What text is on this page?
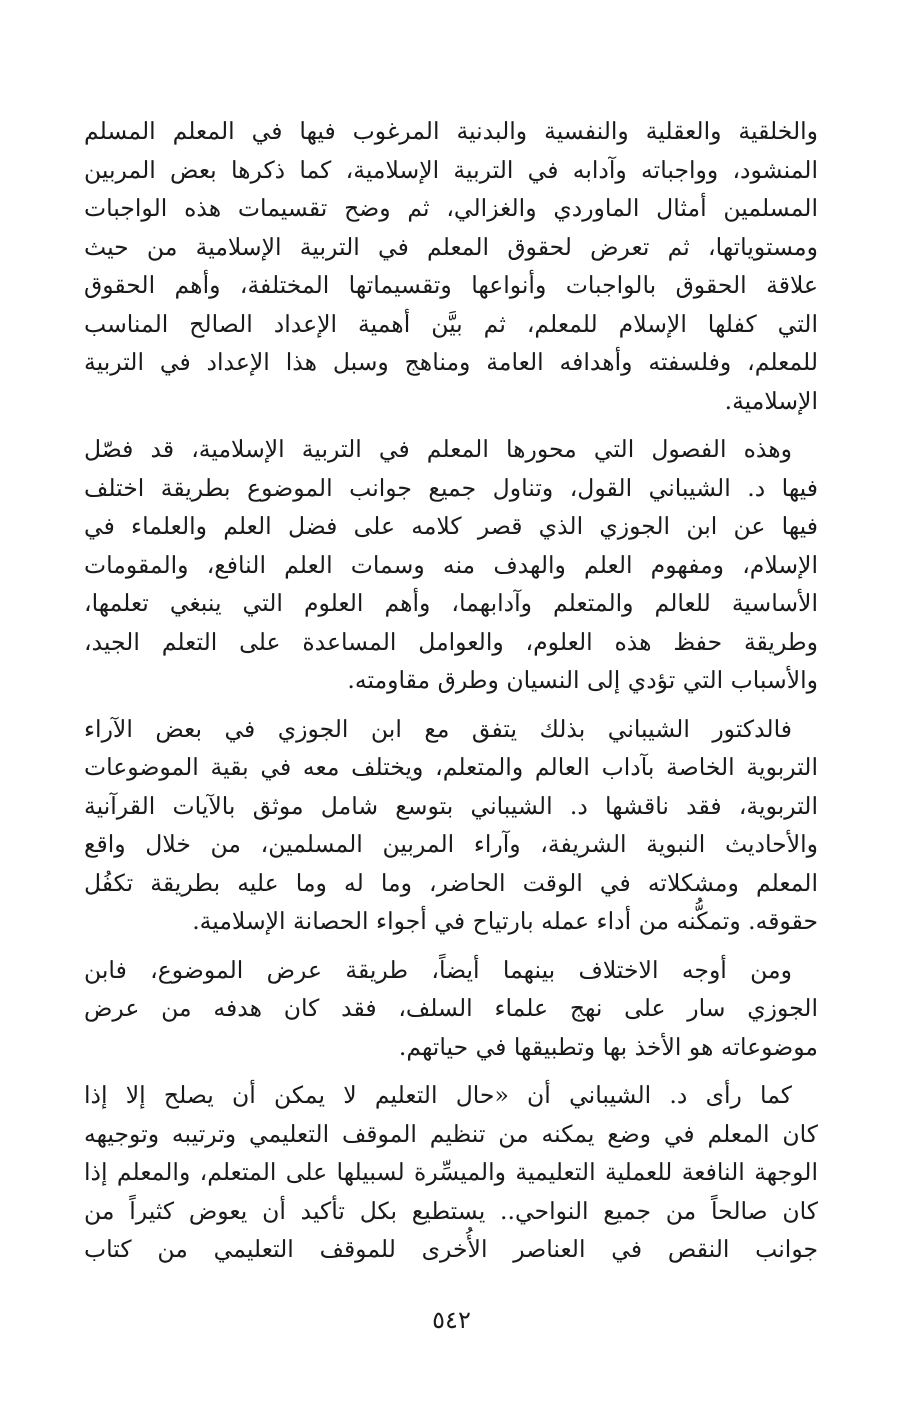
والخلقية والعقلية والنفسية والبدنية المرغوب فيها في المعلم المسلم
المنشود، وواجباته وآدابه في التربية الإسلامية، كما ذكرها بعض المربين
المسلمين أمثال الماوردي والغزالي، ثم وضح تقسيمات هذه الواجبات
ومستوياتها، ثم تعرض لحقوق المعلم في التربية الإسلامية من حيث
علاقة الحقوق بالواجبات وأنواعها وتقسيماتها المختلفة، وأهم الحقوق
التي كفلها الإسلام للمعلم، ثم بيَّن أهمية الإعداد الصالح المناسب
للمعلم، وفلسفته وأهدافه العامة ومناهج وسبل هذا الإعداد في التربية
الإسلامية.
وهذه الفصول التي محورها المعلم في التربية الإسلامية، قد فصّل
فيها د. الشيباني القول، وتناول جميع جوانب الموضوع بطريقة اختلف
فيها عن ابن الجوزي الذي قصر كلامه على فضل العلم والعلماء في
الإسلام، ومفهوم العلم والهدف منه وسمات العلم النافع، والمقومات
الأساسية للعالم والمتعلم وآدابهما، وأهم العلوم التي ينبغي تعلمها،
وطريقة حفظ هذه العلوم، والعوامل المساعدة على التعلم الجيد،
والأسباب التي تؤدي إلى النسيان وطرق مقاومته.
فالدكتور الشيباني بذلك يتفق مع ابن الجوزي في بعض الآراء
التربوية الخاصة بآداب العالم والمتعلم، ويختلف معه في بقية الموضوعات
التربوية، فقد ناقشها د. الشيباني بتوسع شامل موثق بالآيات القرآنية
والأحاديث النبوية الشريفة، وآراء المربين المسلمين، من خلال واقع
المعلم ومشكلاته في الوقت الحاضر، وما له وما عليه بطريقة تكفُل
حقوقه. وتمكُّنه من أداء عمله بارتياح في أجواء الحصانة الإسلامية.
ومن أوجه الاختلاف بينهما أيضاً، طريقة عرض الموضوع، فابن
الجوزي سار على نهج علماء السلف، فقد كان هدفه من عرض
موضوعاته هو الأخذ بها وتطبيقها في حياتهم.
كما رأى د. الشيباني أن «حال التعليم لا يمكن أن يصلح إلا إذا
كان المعلم في وضع يمكنه من تنظيم الموقف التعليمي وترتيبه وتوجيهه
الوجهة النافعة للعملية التعليمية والميسِّرة لسبيلها على المتعلم، والمعلم إذا
كان صالحاً من جميع النواحي.. يستطيع بكل تأكيد أن يعوض كثيراً من
جوانب النقص في العناصر الأُخرى للموقف التعليمي من كتاب
٥٤٢
